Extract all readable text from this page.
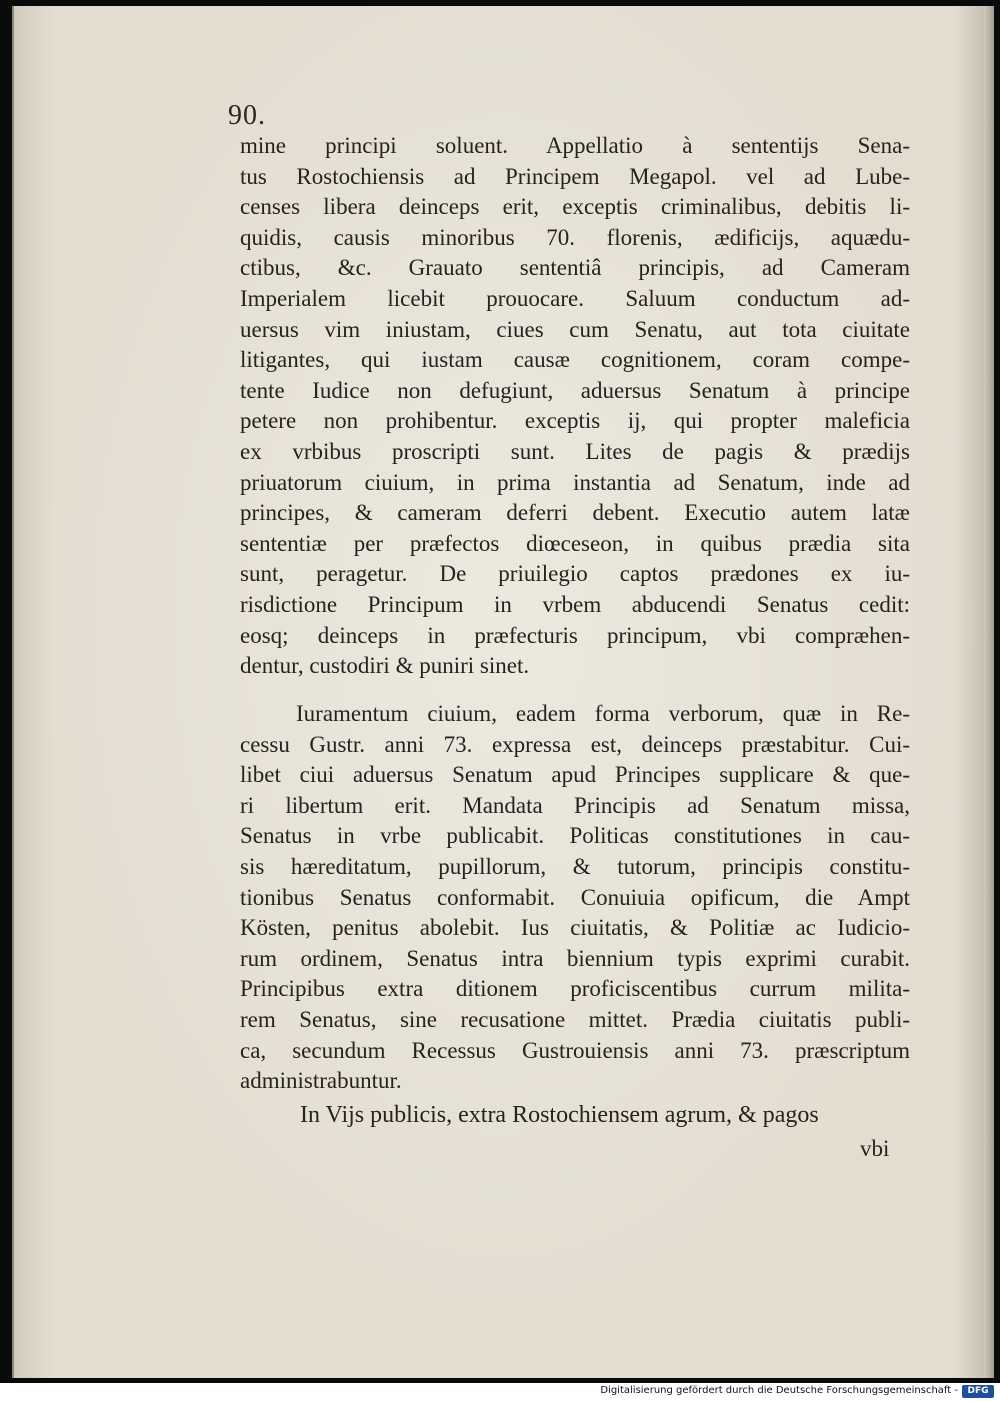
90.
mine principi soluent. Appellatio à sententijs Sena-
tus Rostochiensis ad Principem Megapol. vel ad Lube-
censes libera deinceps erit, exceptis criminalibus, debitis li-
quidis, causis minoribus 70. florenis, ædificijs, aquædu-
ctibus, &c. Grauato sententiâ principis, ad Cameram
Imperialem licebit prouocare. Saluum conductum ad-
uersus vim iniustam, ciues cum Senatu, aut tota ciuitate
litigantes, qui iustam causæ cognitionem, coram compe-
tente Iudice non defugiunt, aduersus Senatum à principe
petere non prohibentur. exceptis ij, qui propter maleficia
ex vrbibus proscripti sunt. Lites de pagis & prædijs
priuatorum ciuium, in prima instantia ad Senatum, inde ad
principes, & cameram deferri debent. Executio autem latæ
sententiæ per præfectos diœceseon, in quibus prædia sita
sunt, peragetur. De priuilegio captos prædones ex iu-
risdictione Principum in vrbem abducendi Senatus cedit:
eosq; deinceps in præfecturis principum, vbi compræhen-
dentur, custodiri & puniri sinet.
Iuramentum ciuium, eadem forma verborum, quæ in Re-
cessu Gustr. anni 73. expressa est, deinceps præstabitur. Cui-
libet ciui aduersus Senatum apud Principes supplicare & que-
ri libertum erit. Mandata Principis ad Senatum missa,
Senatus in vrbe publicabit. Politicas constitutiones in cau-
sis hæreditatum, pupillorum, & tutorum, principis constitu-
tionibus Senatus conformabit. Conuiuia opificum, die Ampt
Kösten, penitus abolebit. Ius ciuitatis, & Politiæ ac Iudicio-
rum ordinem, Senatus intra biennium typis exprimi curabit.
Principibus extra ditionem proficiscentibus currum milita-
rem Senatus, sine recusatione mittet. Prædia ciuitatis publi-
ca, secundum Recessus Gustrouiensis anni 73. præscriptum
administrabuntur.
In Vijs publicis, extra Rostochiensem agrum, & pagos
vbi
Digitalisierung gefördert durch die Deutsche Forschungsgemeinschaft -	DFG
